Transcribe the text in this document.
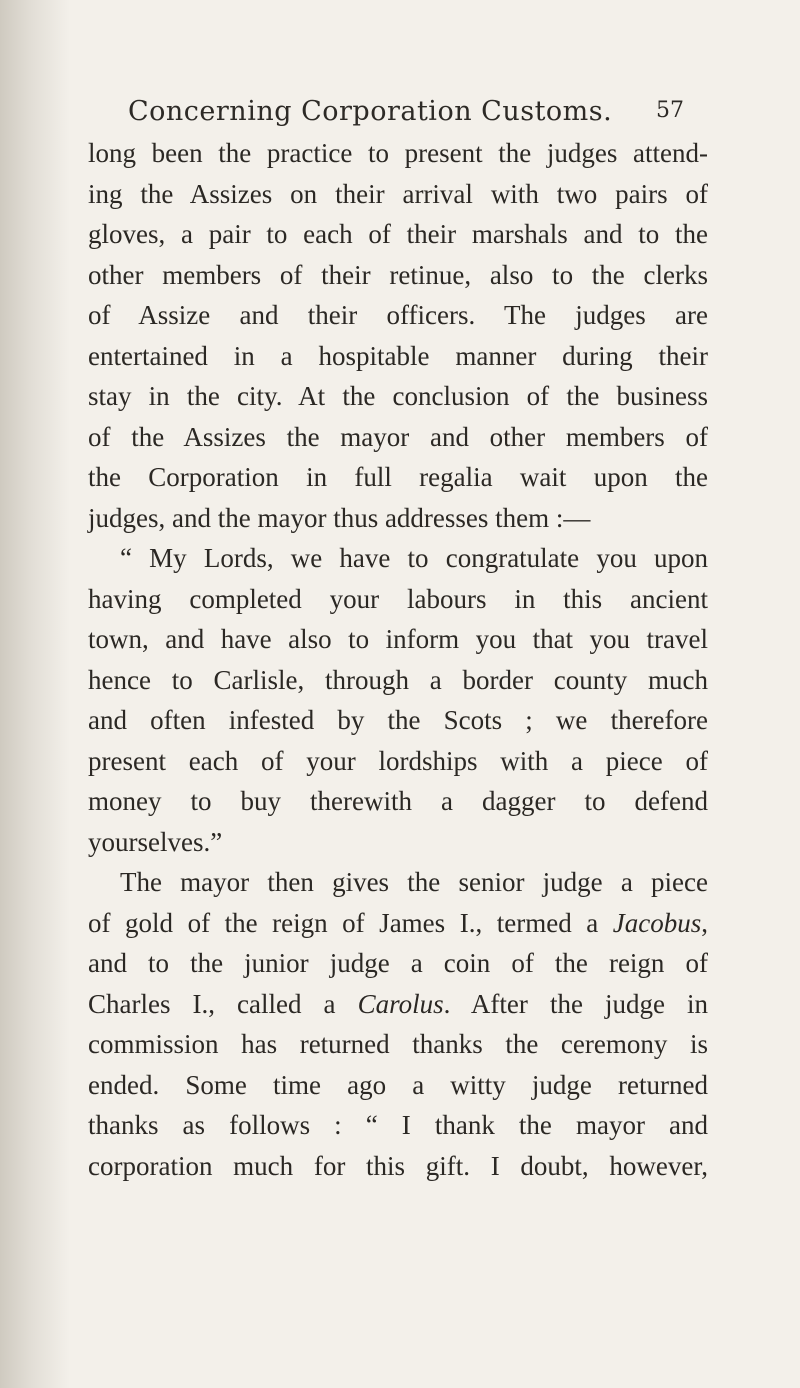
Concerning Corporation Customs. 57
long been the practice to present the judges attend-
ing the Assizes on their arrival with two pairs of
gloves, a pair to each of their marshals and to the
other members of their retinue, also to the clerks
of Assize and their officers. The judges are
entertained in a hospitable manner during their
stay in the city. At the conclusion of the business
of the Assizes the mayor and other members of
the Corporation in full regalia wait upon the
judges, and the mayor thus addresses them :—
“ My Lords, we have to congratulate you upon
having completed your labours in this ancient
town, and have also to inform you that you travel
hence to Carlisle, through a border county much
and often infested by the Scots ; we therefore
present each of your lordships with a piece of
money to buy therewith a dagger to defend
yourselves.”
The mayor then gives the senior judge a piece
of gold of the reign of James I., termed a Jacobus,
and to the junior judge a coin of the reign of
Charles I., called a Carolus. After the judge in
commission has returned thanks the ceremony is
ended. Some time ago a witty judge returned
thanks as follows : “ I thank the mayor and
corporation much for this gift. I doubt, however,
